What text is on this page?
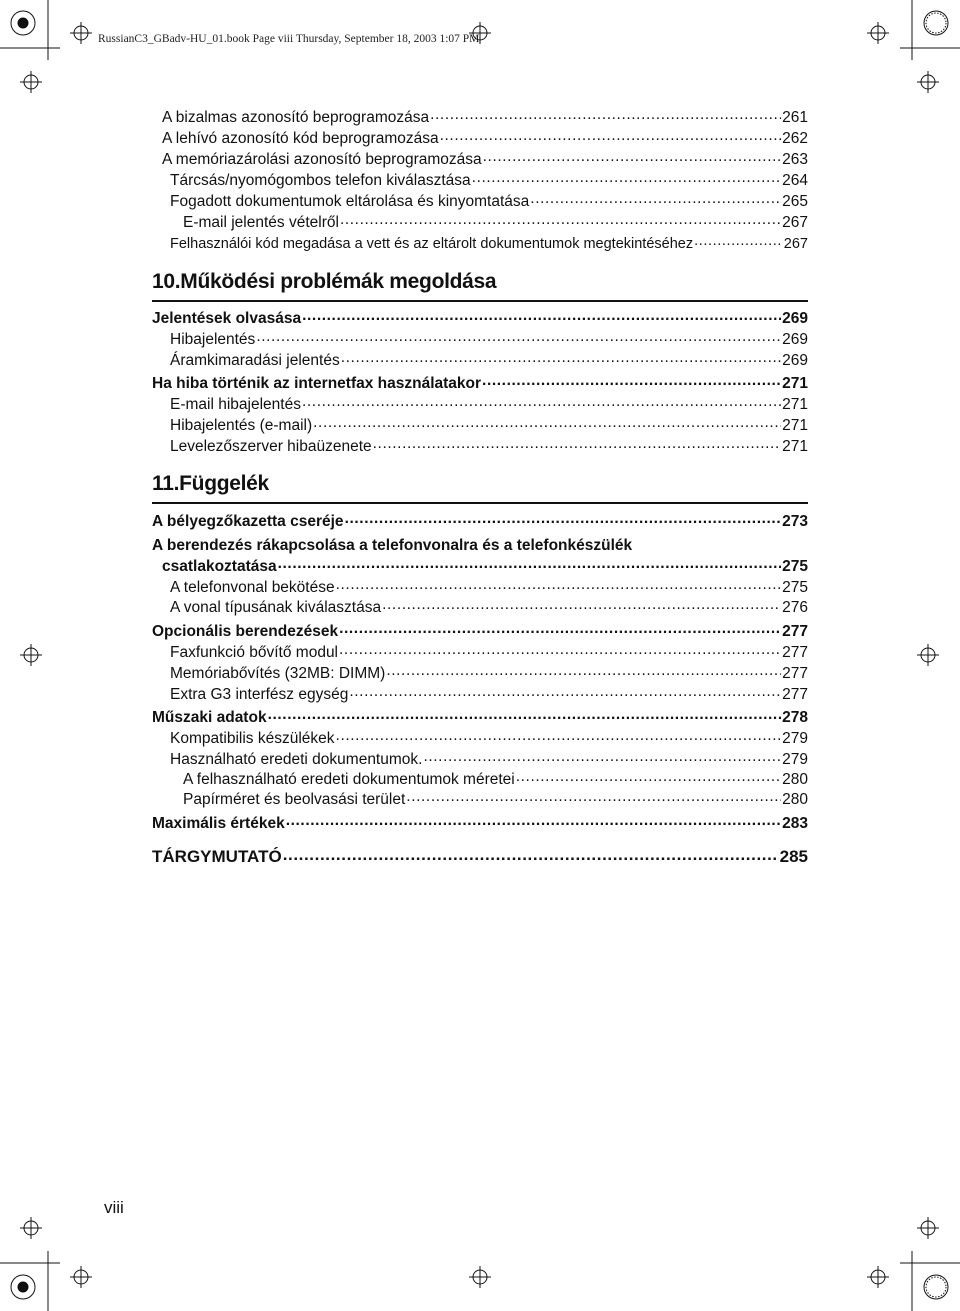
RussianC3_GBadv-HU_01.book Page viii Thursday, September 18, 2003 1:07 PM
A bizalmas azonosító beprogramozása .....	261
A lehívó azonosító kód beprogramozása .....	262
A memóriazárolási azonosító beprogramozása .....	263
Tárcsás/nyomógombos telefon kiválasztása .....	264
Fogadott dokumentumok eltárolása és kinyomtatása .....	265
E-mail jelentés vételről .....	267
Felhasználói kód megadása a vett és az eltárolt dokumentumok megtekintéséhez .....	267
10.Működési problémák megoldása
Jelentések olvasása .....	269
Hibajelentés .....	269
Áramkimaradási jelentés .....	269
Ha hiba történik az internetfax használatakor .....	271
E-mail hibajelentés .....	271
Hibajelentés (e-mail) .....	271
Levelezőszerver hibaüzenete .....	271
11.Függelék
A bélyegzőkazetta cseréje .....	273
A berendezés rákapcsolása a telefonvonalra és a telefonkészülék
csatlakoztatása .....	275
A telefonvonal bekötése .....	275
A vonal típusának kiválasztása .....	276
Opcionális berendezések .....	277
Faxfunkció bővítő modul .....	277
Memóriabővítés (32MB: DIMM) .....	277
Extra G3 interfész egység .....	277
Műszaki adatok .....	278
Kompatibilis készülékek .....	279
Használható eredeti dokumentumok. .....	279
A felhasználható eredeti dokumentumok méretei .....	280
Papírméret és beolvasási terület .....	280
Maximális értékek .....	283
TÁRGYMUTATÓ .....	285
viii
